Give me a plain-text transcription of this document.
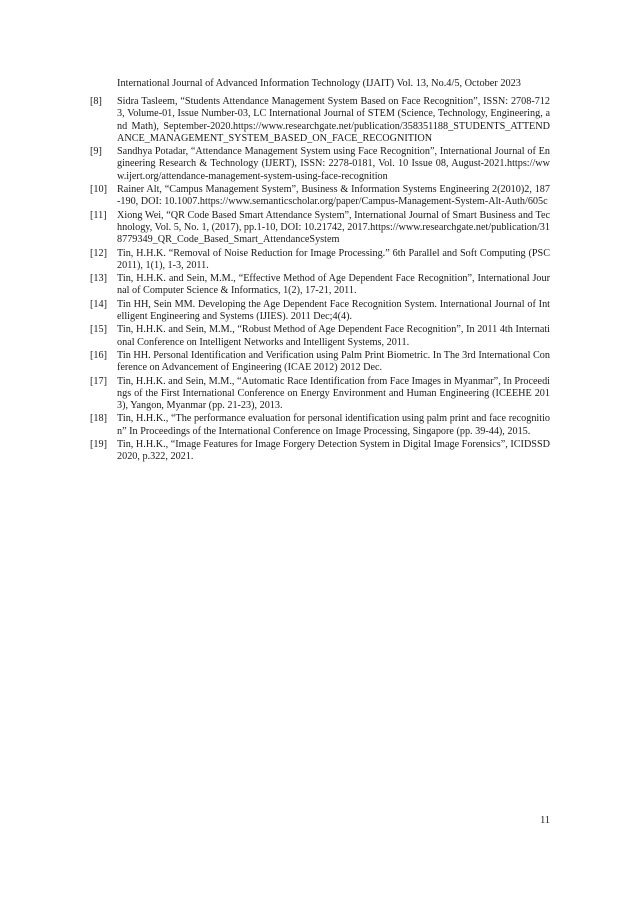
International Journal of Advanced Information Technology (IJAIT) Vol. 13, No.4/5, October 2023
[8]	Sidra Tasleem, “Students Attendance Management System Based on Face Recognition”, ISSN: 2708-7123, Volume-01, Issue Number-03, LC International Journal of STEM (Science, Technology, Engineering, and Math), September-2020.https://www.researchgate.net/publication/358351188_STUDENTS_ATTENDANCE_MANAGEMENT_SYSTEM_BASED_ON_FACE_RECOGNITION
[9]	Sandhya Potadar, “Attendance Management System using Face Recognition”, International Journal of Engineering Research & Technology (IJERT), ISSN: 2278-0181, Vol. 10 Issue 08, August-2021.https://www.ijert.org/attendance-management-system-using-face-recognition
[10] Rainer Alt, “Campus Management System”, Business & Information Systems Engineering 2(2010)2, 187-190, DOI: 10.1007.https://www.semanticscholar.org/paper/Campus-Management-System-Alt-Auth/605c
[11]	Xiong Wei, “QR Code Based Smart Attendance System”, International Journal of Smart Business and Technology, Vol. 5, No. 1, (2017), pp.1-10, DOI: 10.21742, 2017.https://www.researchgate.net/publication/318779349_QR_Code_Based_Smart_AttendanceSystem
[12] Tin, H.H.K. “Removal of Noise Reduction for Image Processing.” 6th Parallel and Soft Computing (PSC 2011), 1(1), 1-3, 2011.
[13] Tin, H.H.K. and Sein, M.M., “Effective Method of Age Dependent Face Recognition”, International Journal of Computer Science & Informatics, 1(2), 17-21, 2011.
[14] Tin HH, Sein MM. Developing the Age Dependent Face Recognition System. International Journal of Intelligent Engineering and Systems (IJIES). 2011 Dec;4(4).
[15] Tin, H.H.K. and Sein, M.M., “Robust Method of Age Dependent Face Recognition”, In 2011 4th International Conference on Intelligent Networks and Intelligent Systems, 2011.
[16] Tin HH. Personal Identification and Verification using Palm Print Biometric. In The 3rd International Conference on Advancement of Engineering (ICAE 2012) 2012 Dec.
[17] Tin, H.H.K. and Sein, M.M., “Automatic Race Identification from Face Images in Myanmar”, In Proceedings of the First International Conference on Energy Environment and Human Engineering (ICEEHE 2013), Yangon, Myanmar (pp. 21-23), 2013.
[18] Tin, H.H.K., “The performance evaluation for personal identification using palm print and face recognition” In Proceedings of the International Conference on Image Processing, Singapore (pp. 39-44), 2015.
[19] Tin, H.H.K., “Image Features for Image Forgery Detection System in Digital Image Forensics”, ICIDSSD 2020, p.322, 2021.
11
